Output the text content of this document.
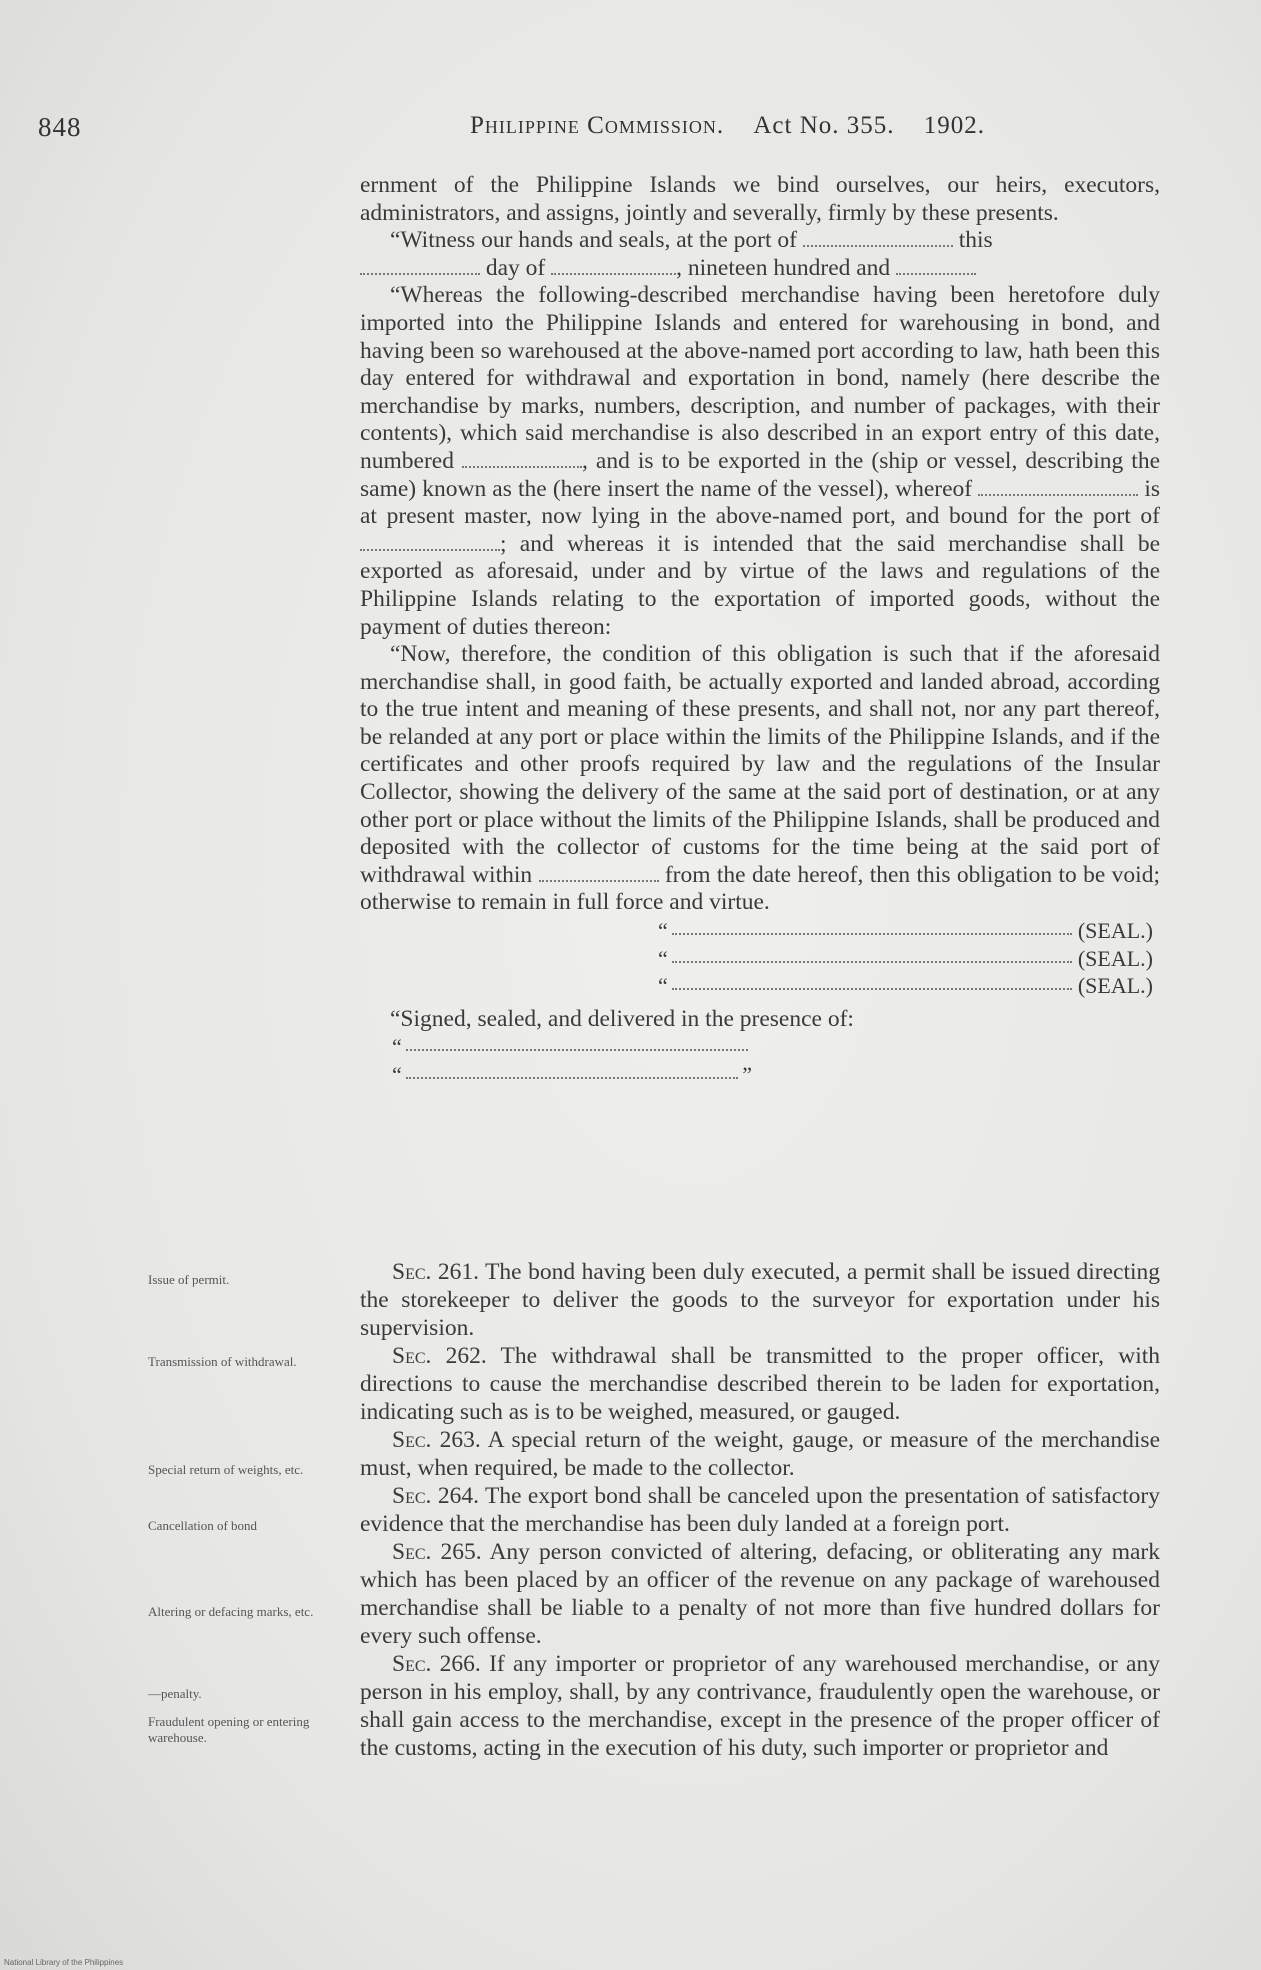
848	Philippine Commission. Act No. 355. 1902.

ernment of the Philippine Islands we bind ourselves, our heirs, executors, administrators, and assigns, jointly and severally, firmly by these presents.

“Witness our hands and seals, at the port of	this
day of	, nineteen hundred and

“Whereas the following-described merchandise having been heretofore duly imported into the Philippine Islands and entered for warehousing in bond, and having been so warehoused at the above-named port according to law, hath been this day entered for withdrawal and exportation in bond, namely (here describe the merchandise by marks, numbers, description, and number of packages, with their contents), which said merchandise is also described in an export entry of this date, numbered	, and is to be exported in the (ship or vessel, describing the same) known as the (here insert the name of the vessel), whereof	is at present master, now lying in the above-named port, and bound for the port of ; and whereas it is intended that the said merchandise shall be exported as aforesaid, under and by virtue of the laws and regulations of the Philippine Islands relating to the exportation of imported goods, without the payment of duties thereon:

“Now, therefore, the condition of this obligation is such that if the aforesaid merchandise shall, in good faith, be actually exported and landed abroad, according to the true intent and meaning of these presents, and shall not, nor any part thereof, be relanded at any port or place within the limits of the Philippine Islands, and if the certificates and other proofs required by law and the regulations of the Insular Collector, showing the delivery of the same at the said port of destination, or at any other port or place without the limits of the Philippine Islands, shall be produced and deposited with the collector of customs for the time being at the said port of withdrawal within	from the date hereof, then this obligation to be void; otherwise to remain in full force and virtue.

“	(SEAL.)
“	(SEAL.)
“	(SEAL.)

“Signed, sealed, and delivered in the presence of:

“
“	”

Sec. 261. The bond having been duly executed, a permit shall be issued directing the storekeeper to deliver the goods to the surveyor for exportation under his supervision.

Sec. 262. The withdrawal shall be transmitted to the proper officer, with directions to cause the merchandise described therein to be laden for exportation, indicating such as is to be weighed, measured, or gauged.

Sec. 263. A special return of the weight, gauge, or measure of the merchandise must, when required, be made to the collector.

Sec. 264. The export bond shall be canceled upon the presentation of satisfactory evidence that the merchandise has been duly landed at a foreign port.

Sec. 265. Any person convicted of altering, defacing, or obliterating any mark which has been placed by an officer of the revenue on any package of warehoused merchandise shall be liable to a penalty of not more than five hundred dollars for every such offense.

Sec. 266. If any importer or proprietor of any warehoused merchandise, or any person in his employ, shall, by any contrivance, fraudulently open the warehouse, or shall gain access to the merchandise, except in the presence of the proper officer of the customs, acting in the execution of his duty, such importer or proprietor and

Issue of permit.
Transmission of withdrawal.
Special return of weights, etc.
Cancellation of bond
Altering or defacing marks, etc.
—penalty.
Fraudulent opening or entering warehouse.
National Library of the Philippines
